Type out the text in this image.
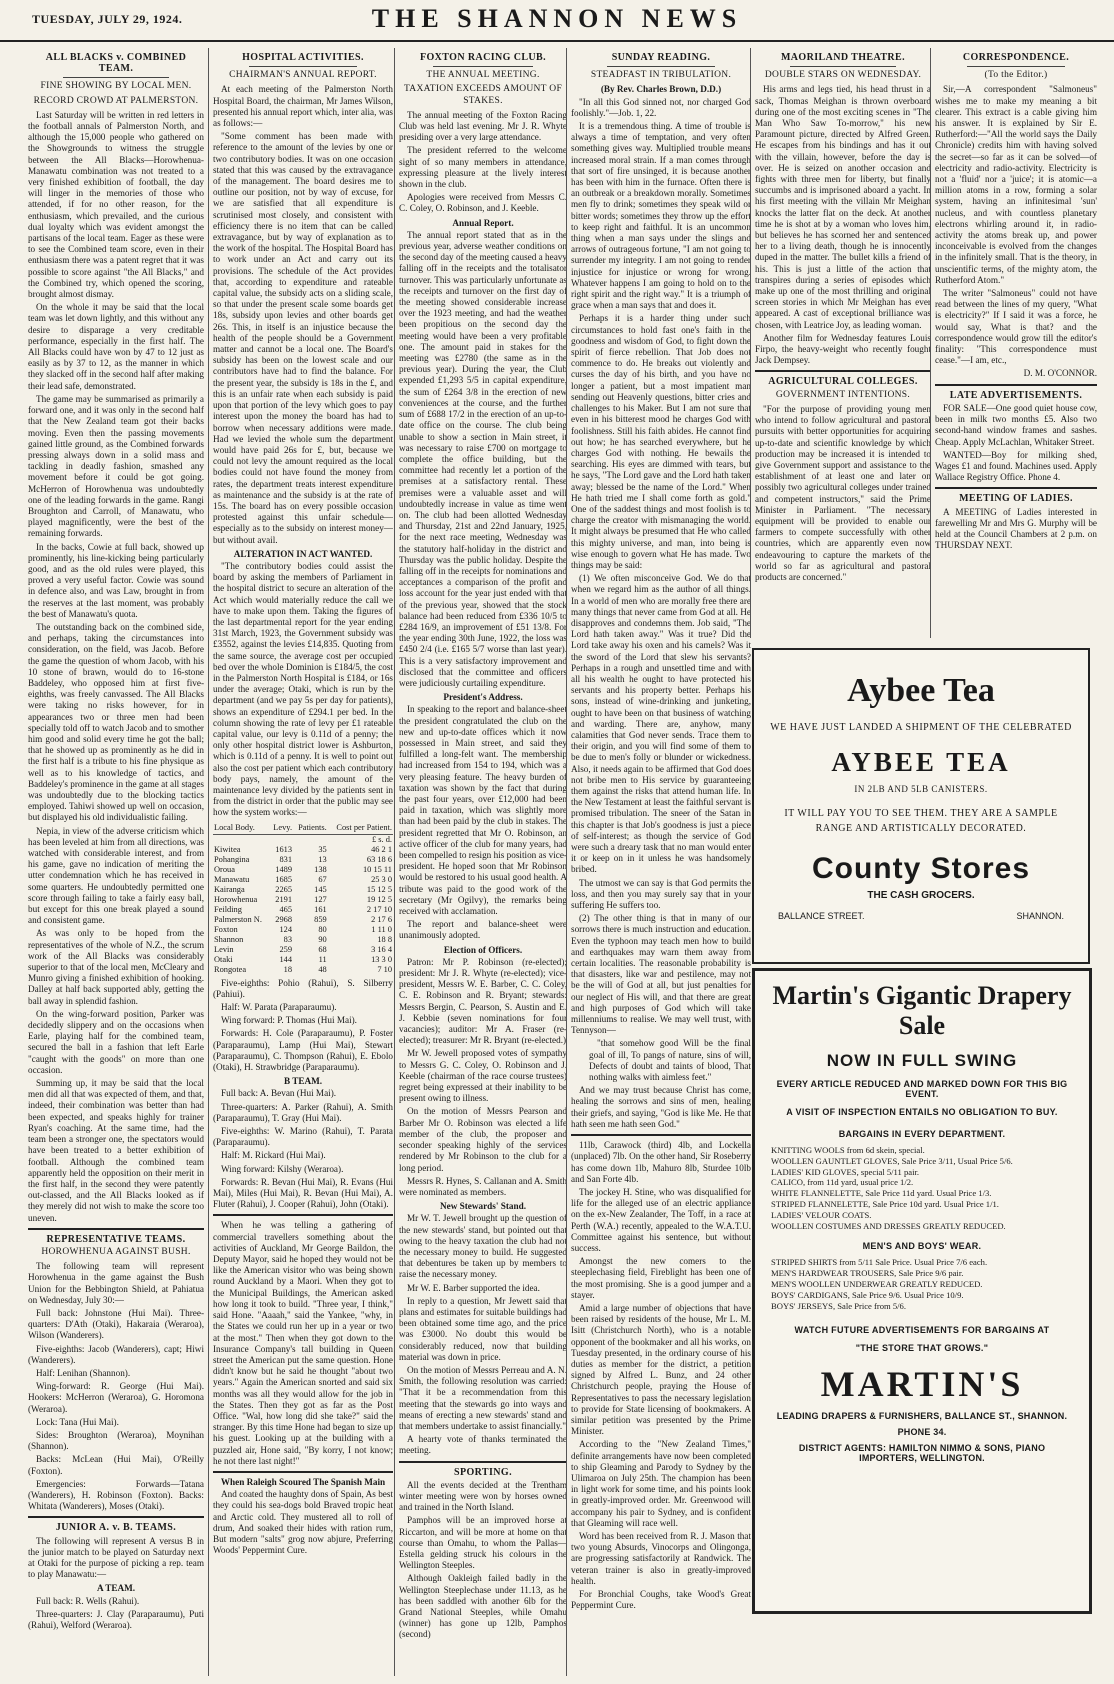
TUESDAY, JULY 29, 1924.	THE SHANNON NEWS
ALL BLACKS v. COMBINED TEAM.
FINE SHOWING BY LOCAL MEN.
RECORD CROWD AT PALMERSTON.

Last Saturday will be written in red letters in the football annals of Palmerston North, and although the 15,000 people who gathered on the Showgrounds to witness the struggle between the All Blacks—Horowhenua-Manawatu combination was not treated to a very finished exhibition of football, the day will linger in the memories of those who attended, if for no other reason, for the enthusiasm, which prevailed, and the curious dual loyalty which was evident amongst the partisans of the local team. Eager as these were to see the Combined team score, even in their enthusiasm there was a patent regret that it was possible to score against "the All Blacks," and the Combined try, which opened the scoring, brought almost dismay.

On the whole it may be said that the local team was let down lightly, and this without any desire to disparage a very creditable performance, especially in the first half. The All Blacks could have won by 47 to 12 just as easily as by 37 to 12, as the manner in which they slacked off in the second half after making their lead safe, demonstrated.

The game may be summarised as primarily a forward one, and it was only in the second half that the New Zealand team got their backs moving. Even then the passing movements gained little ground, as the Combined forwards pressing always down in a solid mass and tackling in deadly fashion, smashed any movement before it could be got going. McHerron of Horowhenua was undoubtedly one of the leading forwards in the game. Rangi Broughton and Carroll, of Manawatu, who played magnificently, were the best of the remaining forwards.

In the backs, Cowie at full back, showed up prominently, his line-kicking being particularly good, and as the old rules were played, this proved a very useful factor. Cowie was sound in defence also, and was Law, brought in from the reserves at the last moment, was probably the best of Manawatu's quota.

The outstanding back on the combined side, and perhaps, taking the circumstances into consideration, on the field, was Jacob. Before the game the question of whom Jacob, with his 10 stone of brawn, would do to 16-stone Baddeley, who opposed him at first five-eighths, was freely canvassed. The All Blacks were taking no risks however, for in appearances two or three men had been specially told off to watch Jacob and to smother him good and solid every time he got the ball; that he showed up as prominently as he did in the first half is a tribute to his fine physique as well as to his knowledge of tactics, and Baddeley's prominence in the game at all stages was undoubtedly due to the blocking tactics employed. Tahiwi showed up well on occasion, but displayed his old individualistic failing.

Nepia, in view of the adverse criticism which has been leveled at him from all directions, was watched with considerable interest, and from his game, gave no indication of meriting the utter condemnation which he has received in some quarters. He undoubtedly permitted one score through failing to take a fairly easy ball, but except for this one break played a sound and consistent game.

As was only to be hoped from the representatives of the whole of N.Z., the scrum work of the All Blacks was considerably superior to that of the local men, McCleary and Munro giving a finished exhibition of hooking. Dalley at half back supported ably, getting the ball away in splendid fashion.

On the wing-forward position, Parker was decidedly slippery and on the occasions when Earle, playing half for the combined team, secured the ball in a fashion that left Earle "caught with the goods" on more than one occasion.

Summing up, it may be said that the local men did all that was expected of them, and that, indeed, their combination was better than had been expected, and speaks highly for trainer Ryan's coaching. At the same time, had the team been a stronger one, the spectators would have been treated to a better exhibition of football. Although the combined team apparently held the opposition on their merit in the first half, in the second they were patently out-classed, and the All Blacks looked as if they merely did not wish to make the score too uneven.

REPRESENTATIVE TEAMS.
HOROWHENUA AGAINST BUSH.

The following team will represent Horowhenua in the game against the Bush Union for the Bebbington Shield, at Pahiatua on Wednesday, July 30:—

Full back: Johnstone (Hui Mai). Three-quarters: D'Ath (Otaki), Hakaraia (Weraroa), Wilson (Wanderers).

Five-eighths: Jacob (Wanderers), capt; Hiwi (Wanderers).

Half: Lenihan (Shannon).

Wing-forward: R. George (Hui Mai). Hookers: McHerron (Weraroa), G. Horomona (Weraroa).

Lock: Tana (Hui Mai).

Sides: Broughton (Weraroa), Moynihan (Shannon).

Backs: McLean (Hui Mai), O'Reilly (Foxton).

Emergencies: Forwards—Tatana (Wanderers), H. Robinson (Foxton). Backs: Whitata (Wanderers), Moses (Otaki).

JUNIOR A. v. B. TEAMS.

The following will represent A versus B in the junior match to be played on Saturday next at Otaki for the purpose of picking a rep. team to play Manawatu:—

A TEAM.

Full back: R. Wells (Rahui).

Three-quarters: J. Clay (Paraparaumu), Puti (Rahui), Welford (Weraroa).

HOSPITAL ACTIVITIES.
CHAIRMAN'S ANNUAL REPORT.

At each meeting of the Palmerston North Hospital Board, the chairman, Mr James Wilson, presented his annual report which, inter alia, was as follows:—

"Some comment has been made with reference to the amount of the levies by one or two contributory bodies. It was on one occasion stated that this was caused by the extravagance of the management. The board desires me to outline our position, not by way of excuse, for we are satisfied that all expenditure is scrutinised most closely, and consistent with efficiency there is no item that can be called extravagance, but by way of explanation as to the work of the hospital. The Hospital Board has to work under an Act and carry out its provisions. The schedule of the Act provides that, according to expenditure and rateable capital value, the subsidy acts on a sliding scale, so that under the present scale some boards get 18s, subsidy upon levies and other boards get 26s. This, in itself is an injustice because the health of the people should be a Government matter and cannot be a local one. The Board's subsidy has been on the lowest scale and our contributors have had to find the balance. For the present year, the subsidy is 18s in the £, and this is an unfair rate when each subsidy is paid upon that portion of the levy which goes to pay interest upon the money the board has had to borrow when necessary additions were made. Had we levied the whole sum the department would have paid 26s for £, but, because we could not levy the amount required as the local bodies could not have found the money from rates, the department treats interest expenditure as maintenance and the subsidy is at the rate of 15s. The board has on every possible occasion protested against this unfair schedule—especially as to the subsidy on interest money—but without avail.

ALTERATION IN ACT WANTED.

"The contributory bodies could assist the board by asking the members of Parliament in the hospital district to secure an alteration of the Act which would materially reduce the call we have to make upon them. Taking the figures of the last departmental report for the year ending 31st March, 1923, the Government subsidy was £3552, against the levies £14,835. Quoting from the same source, the average cost per occupied bed over the whole Dominion is £184/5, the cost in the Palmerston North Hospital is £184, or 16s under the average; Otaki, which is run by the department (and we pay 5s per day for patients), shows an expenditure of £294.1 per bed. In the column showing the rate of levy per £1 rateable capital value, our levy is 0.11d of a penny; the only other hospital district lower is Ashburton, which is 0.11d of a penny. It is well to point out also the cost per patient which each contributory body pays, namely, the amount of the maintenance levy divided by the patients sent in from the district in order that the public may see how the system works:—

Local Body.	Levy.	Patients.	Cost per Patient.
			£ s. d.
Kiwitea	1613	35	46 2 1
Pohangina	831	13	63 18 6
Oroua	1489	138	10 15 11
Manawatu	1685	67	25 3 0
Kairanga	2265	145	15 12 5
Horowhenua	2191	127	19 12 5
Feilding	465	161	2 17 10
Palmerston N.	2968	859	2 17 6
Foxton	124	80	1 11 0
Shannon	83	90	18 8
Levin	259	68	3 16 4
Otaki	144	11	13 3 0
Rongotea	18	48	7 10

Five-eighths: Pohio (Rahui), S. Silberry (Pahiui).

Half: W. Parata (Paraparaumu).

Wing forward: P. Thomas (Hui Mai).

Forwards: H. Cole (Paraparaumu), P. Foster (Paraparaumu), Lamp (Hui Mai), Stewart (Paraparaumu), C. Thompson (Rahui), E. Ebolo (Otaki), H. Strawbridge (Paraparaumu).

B TEAM.

Full back: A. Bevan (Hui Mai).

Three-quarters: A. Parker (Rahui), A. Smith (Paraparaumu), T. Gray (Hui Mai).

Five-eighths: W. Marino (Rahui), T. Parata (Paraparaumu).

Half: M. Rickard (Hui Mai).

Wing forward: Kilshy (Weraroa).

Forwards: R. Bevan (Hui Mai), R. Evans (Hui Mai), Miles (Hui Mai), R. Bevan (Hui Mai), A. Fluter (Rahui), J. Cooper (Rahui), John (Otaki).

When he was telling a gathering of commercial travellers something about the activities of Auckland, Mr George Baildon, the Deputy Mayor, said he hoped they would not be like the American visitor who was being shown round Auckland by a Maori. When they got to the Municipal Buildings, the American asked how long it took to build. "Three year, I think," said Hone. "Aaaah," said the Yankee, "why, in the States we could run her up in a year or two at the most." Then when they got down to the Insurance Company's tall building in Queen street the American put the same question. Hone didn't know but he said he thought "about two years." Again the American snorted and said six months was all they would allow for the job in the States. Then they got as far as the Post Office. "Wal, how long did she take?" said the stranger. By this time Hone had began to size up his guest. Looking up at the building with a puzzled air, Hone said, "By korry, I not know; he not there last night!"

When Raleigh Scoured The Spanish Main

And coated the haughty dons of Spain, As best they could his sea-dogs bold Braved tropic heat and Arctic cold. They mustered all to roll of drum, And soaked their hides with ration rum, But modern "salts" grog now abjure, Preferring Woods' Peppermint Cure.

FOXTON RACING CLUB.
THE ANNUAL MEETING.
TAXATION EXCEEDS AMOUNT OF STAKES.

The annual meeting of the Foxton Racing Club was held last evening. Mr J. R. Whyte presiding over a very large attendance.

The president referred to the welcome sight of so many members in attendance, expressing pleasure at the lively interest shown in the club.

Apologies were received from Messrs C. C. Coley, O. Robinson, and J. Keeble.

Annual Report.

The annual report stated that as in the previous year, adverse weather conditions on the second day of the meeting caused a heavy falling off in the receipts and the totalisator turnover. This was particularly unfortunate as the receipts and turnover on the first day of the meeting showed considerable increase over the 1923 meeting, and had the weather been propitious on the second day the meeting would have been a very profitable one. The amount paid in stakes for the meeting was £2780 (the same as in the previous year). During the year, the Club expended £1,293 5/5 in capital expenditure, the sum of £264 3/8 in the erection of new conveniences at the course, and the further sum of £688 17/2 in the erection of an up-to-date office on the course. The club being unable to show a section in Main street, it was necessary to raise £700 on mortgage to complete the office building, but the committee had recently let a portion of the premises at a satisfactory rental. These premises were a valuable asset and will undoubtedly increase in value as time went on. The club had been allotted Wednesday and Thursday, 21st and 22nd January, 1925, for the next race meeting, Wednesday was the statutory half-holiday in the district and Thursday was the public holiday. Despite the falling off in the receipts for nominations and acceptances a comparison of the profit and loss account for the year just ended with that of the previous year, showed that the stock balance had been reduced from £336 10/5 to £284 16/9, an improvement of £51 13/8. For the year ending 30th June, 1922, the loss was £450 2/4 (i.e. £165 5/7 worse than last year). This is a very satisfactory improvement and disclosed that the committee and officers were judiciously curtailing expenditure.

President's Address.

In speaking to the report and balance-sheet the president congratulated the club on the new and up-to-date offices which it now possessed in Main street, and said they fulfilled a long-felt want. The membership had increased from 154 to 194, which was a very pleasing feature. The heavy burden of taxation was shown by the fact that during the past four years, over £12,000 had been paid in taxation, which was slightly more than had been paid by the club in stakes. The president regretted that Mr O. Robinson, an active officer of the club for many years, had been compelled to resign his position as vice-president. He hoped soon that Mr Robinson would be restored to his usual good health. A tribute was paid to the good work of the secretary (Mr Ogilvy), the remarks being received with acclamation.

The report and balance-sheet were unanimously adopted.

Election of Officers.

Patron: Mr P. Robinson (re-elected); president: Mr J. R. Whyte (re-elected); vice-president, Messrs W. E. Barber, C. C. Coley, C. E. Robinson and R. Bryant; stewards: Messrs Bergin, C. Pearson, S. Austin and E. J. Kebbie (seven nominations for four vacancies); auditor: Mr A. Fraser (re-elected); treasurer: Mr R. Bryant (re-elected.)

Mr W. Jewell proposed votes of sympathy to Messrs G. C. Coley, O. Robinson and J. Keeble (chairman of the race course trustees) regret being expressed at their inability to be present owing to illness.

On the motion of Messrs Pearson and Barber Mr O. Robinson was elected a life member of the club, the proposer and seconder speaking highly of the services rendered by Mr Robinson to the club for a long period.

Messrs R. Hynes, S. Callanan and A. Smith were nominated as members.

New Stewards' Stand.

Mr W. T. Jewell brought up the question of the new stewards' stand, but pointed out that owing to the heavy taxation the club had not the necessary money to build. He suggested that debentures be taken up by members to raise the necessary money.

Mr W. E. Barber supported the idea.

In reply to a question, Mr Jewett said that plans and estimates for suitable buildings had been obtained some time ago, and the price was £3000. No doubt this would be considerably reduced, now that building material was down in price.

On the motion of Messrs Perreau and A. N. Smith, the following resolution was carried: "That it be a recommendation from this meeting that the stewards go into ways and means of erecting a new stewards' stand and that members undertake to assist financially."

A hearty vote of thanks terminated the meeting.

SPORTING.

All the events decided at the Trentham winter meeting were won by horses owned and trained in the North Island.

Pamphos will be an improved horse at Riccarton, and will be more at home on that course than Omahu, to whom the Pallas—Estella gelding struck his colours in the Wellington Steeples.

Although Oakleigh failed badly in the Wellington Steeplechase under 11.13, as he has been saddled with another 6lb for the Grand National Steeples, while Omahu (winner) has gone up 12lb, Pamphos (second)

SUNDAY READING.
STEADFAST IN TRIBULATION.

(By Rev. Charles Brown, D.D.)

"In all this God sinned not, nor charged God foolishly."—Job. 1, 22.

It is a tremendous thing. A time of trouble is always a time of temptation, and very often something gives way. Multiplied trouble means increased moral strain. If a man comes through that sort of fire unsinged, it is because another has been with him in the furnace. Often there is an outbreak or a breakdown morally. Sometimes men fly to drink; sometimes they speak wild or bitter words; sometimes they throw up the effort to keep right and faithful. It is an uncommon thing when a man says under the slings and arrows of outrageous fortune, "I am not going to surrender my integrity. I am not going to render injustice for injustice or wrong for wrong. Whatever happens I am going to hold on to the right spirit and the right way." It is a triumph of grace when a man says that and does it.

Perhaps it is a harder thing under such circumstances to hold fast one's faith in the goodness and wisdom of God, to fight down the spirit of fierce rebellion. That Job does not commence to do. He breaks out violently and curses the day of his birth, and you have no longer a patient, but a most impatient man sending out Heavenly questions, bitter cries and challenges to his Maker. But I am not sure that even in his bitterest mood he charges God with foolishness. Still his faith abides. He cannot find out how; he has searched everywhere, but he charges God with nothing. He bewails the searching. His eyes are dimmed with tears, but he says, "The Lord gave and the Lord hath taken away; blessed be the name of the Lord." When He hath tried me I shall come forth as gold." One of the saddest things and most foolish is to charge the creator with mismanaging the world. It might always be presumed that He who called this mighty universe, and man, into being is wise enough to govern what He has made. Two things may be said:

(1) We often misconceive God. We do that when we regard him as the author of all things. In a world of men who are morally free there are many things that never came from God at all. He disapproves and condemns them. Job said, "The Lord hath taken away." Was it true? Did the Lord take away his oxen and his camels? Was it the sword of the Lord that slew his servants? Perhaps in a rough and unsettled time and with all his wealth he ought to have protected his servants and his property better. Perhaps his sons, instead of wine-drinking and junketing, ought to have been on that business of watching and warding. There are, anyhow, many calamities that God never sends. Trace them to their origin, and you will find some of them to be due to men's folly or blunder or wickedness. Also, it needs again to be affirmed that God does not bribe men to His service by guaranteeing them against the risks that attend human life. In the New Testament at least the faithful servant is promised tribulation. The sneer of the Satan in this chapter is that Job's goodness is just a piece of self-interest; as though the service of God were such a dreary task that no man would enter it or keep on in it unless he was handsomely bribed.

The utmost we can say is that God permits the loss, and then you may surely say that in your suffering He suffers too.

(2) The other thing is that in many of our sorrows there is much instruction and education. Even the typhoon may teach men how to build and earthquakes may warn them away from certain localities. The reasonable probability is that disasters, like war and pestilence, may not be the will of God at all, but just penalties for our neglect of His will, and that there are great and high purposes of God which will take millenniums to realise. We may well trust, with Tennyson—

"that somehow good Will be the final goal of ill, To pangs of nature, sins of will, Defects of doubt and taints of blood, That nothing walks with aimless feet."

And we may trust because Christ has come, healing the sorrows and sins of men, healing their griefs, and saying, "God is like Me. He that hath seen me hath seen God."

11lb, Carawock (third) 4lb, and Lockella (unplaced) 7lb. On the other hand, Sir Roseberry has come down 1lb, Mahuro 8lb, Sturdee 10lb and San Forte 4lb.

The jockey H. Stine, who was disqualified for life for the alleged use of an electric appliance on the ex-New Zealander, The Toff, in a race at Perth (W.A.) recently, appealed to the W.A.T.U. Committee against his sentence, but without success.

Amongst the new comers to the steeplechasing field, Fireblight has been one of the most promising. She is a good jumper and a stayer.

Amid a large number of objections that have been raised by residents of the house, Mr L. M. Isitt (Christchurch North), who is a notable opponent of the bookmaker and all his works, on Tuesday presented, in the ordinary course of his duties as member for the district, a petition signed by Alfred L. Bunz, and 24 other Christchurch people, praying the House of Representatives to pass the necessary legislation to provide for State licensing of bookmakers. A similar petition was presented by the Prime Minister.

According to the "New Zealand Times," definite arrangements have now been completed to ship Gleaming and Parody to Sydney by the Ulimaroa on July 25th. The champion has been in light work for some time, and his points look in greatly-improved order. Mr. Greenwood will accompany his pair to Sydney, and is confident that Gleaming will race well.

Word has been received from R. J. Mason that two young Absurds, Vinocorps and Olingonga, are progressing satisfactorily at Randwick. The veteran trainer is also in greatly-improved health.

For Bronchial Coughs, take Wood's Great Peppermint Cure.

MAORILAND THEATRE.
DOUBLE STARS ON WEDNESDAY.

His arms and legs tied, his head thrust in a sack, Thomas Meighan is thrown overboard during one of the most exciting scenes in "The Man Who Saw To-morrow," his new Paramount picture, directed by Alfred Green. He escapes from his bindings and has it out with the villain, however, before the day is over. He is seized on another occasion and fights with three men for liberty, but finally succumbs and is imprisoned aboard a yacht. In his first meeting with the villain Mr Meighan knocks the latter flat on the deck. At another time he is shot at by a woman who loves him, but believes he has scorned her and sentenced her to a living death, though he is innocently duped in the matter. The bullet kills a friend of his. This is just a little of the action that transpires during a series of episodes which make up one of the most thrilling and original screen stories in which Mr Meighan has ever appeared. A cast of exceptional brilliance was chosen, with Leatrice Joy, as leading woman.

Another film for Wednesday features Louis Firpo, the heavy-weight who recently fought Jack Dempsey.

AGRICULTURAL COLLEGES.
GOVERNMENT INTENTIONS.

"For the purpose of providing young men who intend to follow agricultural and pastoral pursuits with better opportunities for acquiring up-to-date and scientific knowledge by which production may be increased it is intended to give Government support and assistance to the establishment of at least one and later on possibly two agricultural colleges under trained and competent instructors," said the Prime Minister in Parliament. "The necessary equipment will be provided to enable our farmers to compete successfully with other countries, which are apparently even now endeavouring to capture the markets of the world so far as agricultural and pastoral products are concerned."

CORRESPONDENCE.
(To the Editor.)

Sir,—A correspondent "Salmoneus" wishes me to make my meaning a bit clearer. This extract is a cable giving him his answer. It is explained by Sir E. Rutherford:—"All the world says the Daily Chronicle) credits him with having solved the secret—so far as it can be solved—of electricity and radio-activity. Electricity is not a 'fluid' nor a 'juice'; it is atomic—a million atoms in a row, forming a solar system, having an infinitesimal 'sun' nucleus, and with countless planetary electrons whirling around it, in radio-activity the atoms break up, and power inconceivable is evolved from the changes in the infinitely small. That is the theory, in unscientific terms, of the mighty atom, the Rutherford Atom."

The writer "Salmoneus" could not have read between the lines of my query, "What is electricity?" If I said it was a force, he would say, What is that? and the correspondence would grow till the editor's finality: "This correspondence must cease."—I am, etc.,

D. M. O'CONNOR.

LATE ADVERTISEMENTS.

FOR SALE—One good quiet house cow, been in milk two months £5. Also two second-hand window frames and sashes. Cheap. Apply McLachlan, Whitaker Street.

WANTED—Boy for milking shed, Wages £1 and found. Machines used. Apply Wallace Registry Office. Phone 4.

MEETING OF LADIES.

A MEETING of Ladies interested in farewelling Mr and Mrs G. Murphy will be held at the Council Chambers at 2 p.m. on THURSDAY NEXT.

Aybee Tea
WE HAVE JUST LANDED A SHIPMENT OF THE CELEBRATED
AYBEE TEA
IN 2LB AND 5LB CANISTERS.
IT WILL PAY YOU TO SEE THEM. THEY ARE A SAMPLE RANGE AND ARTISTICALLY DECORATED.
County Stores
THE CASH GROCERS.
BALLANCE STREET.	SHANNON.
Martin's Gigantic Drapery Sale
NOW IN FULL SWING
EVERY ARTICLE REDUCED AND MARKED DOWN FOR THIS BIG EVENT.
A VISIT OF INSPECTION ENTAILS NO OBLIGATION TO BUY.
BARGAINS IN EVERY DEPARTMENT.
KNITTING WOOLS from 6d skein, special.
WOOLLEN GAUNTLET GLOVES, Sale Price 3/11, Usual Price 5/6.
LADIES' KID GLOVES, special 5/11 pair.
CALICO, from 11d yard, usual price 1/2.
WHITE FLANNELETTE, Sale Price 11d yard. Usual Price 1/3.
STRIPED FLANNELETTE, Sale Price 10d yard. Usual Price 1/1.
LADIES' VELOUR COATS.
WOOLLEN COSTUMES AND DRESSES GREATLY REDUCED.
MEN'S AND BOYS' WEAR.
STRIPED SHIRTS from 5/11 Sale Price. Usual Price 7/6 each.
MEN'S HARDWEAR TROUSERS, Sale Price 9/6 pair.
MEN'S WOOLLEN UNDERWEAR GREATLY REDUCED.
BOYS' CARDIGANS, Sale Price 9/6. Usual Price 10/9.
BOYS' JERSEYS, Sale Price from 5/6.
WATCH FUTURE ADVERTISEMENTS FOR BARGAINS AT
"THE STORE THAT GROWS."
MARTIN'S
LEADING DRAPERS & FURNISHERS, BALLANCE ST., SHANNON.
PHONE 34.
DISTRICT AGENTS: HAMILTON NIMMO & SONS, PIANO IMPORTERS, WELLINGTON.
